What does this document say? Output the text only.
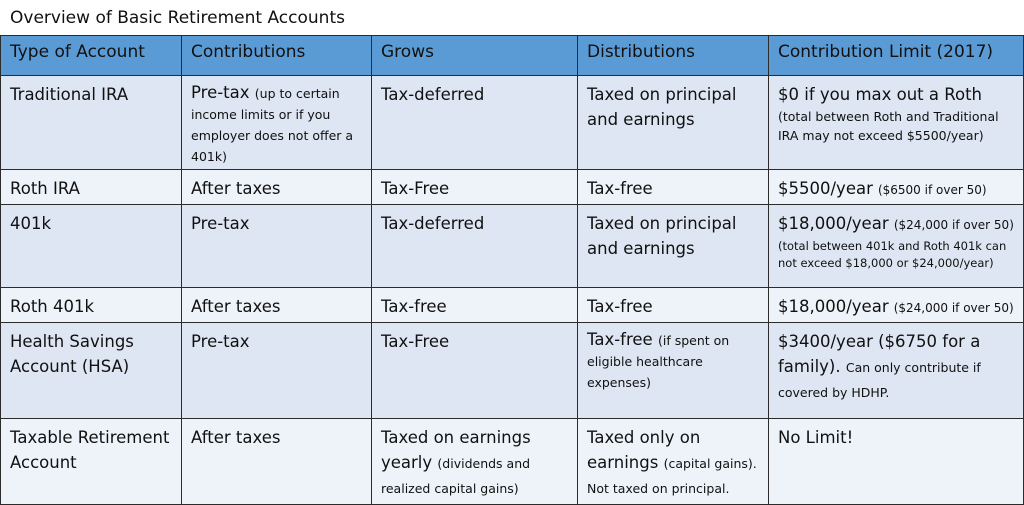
Overview of Basic Retirement Accounts
Type of Account	Contributions	Grows	Distributions	Contribution Limit (2017)
Traditional IRA	Pre-tax (up to certain income limits or if you employer does not offer a 401k)	Tax-deferred	Taxed on principal and earnings	$0 if you max out a Roth
(total between Roth and Traditional IRA may not exceed $5500/year)

Roth IRA	After taxes	Tax-Free	Tax-free	$5500/year ($6500 if over 50)
401k	Pre-tax	Tax-deferred	Taxed on principal and earnings	$18,000/year ($24,000 if over 50)
(total between 401k and Roth 401k can not exceed $18,000 or $24,000/year)

Roth 401k	After taxes	Tax-free	Tax-free	$18,000/year ($24,000 if over 50)
Health Savings Account (HSA)	Pre-tax	Tax-Free	Tax-free (if spent on eligible healthcare expenses)	$3400/year ($6750 for a family). Can only contribute if covered by HDHP.

Taxable Retirement Account	After taxes	Taxed on earnings yearly (dividends and realized capital gains)	Taxed only on earnings (capital gains). Not taxed on principal.	No Limit!
